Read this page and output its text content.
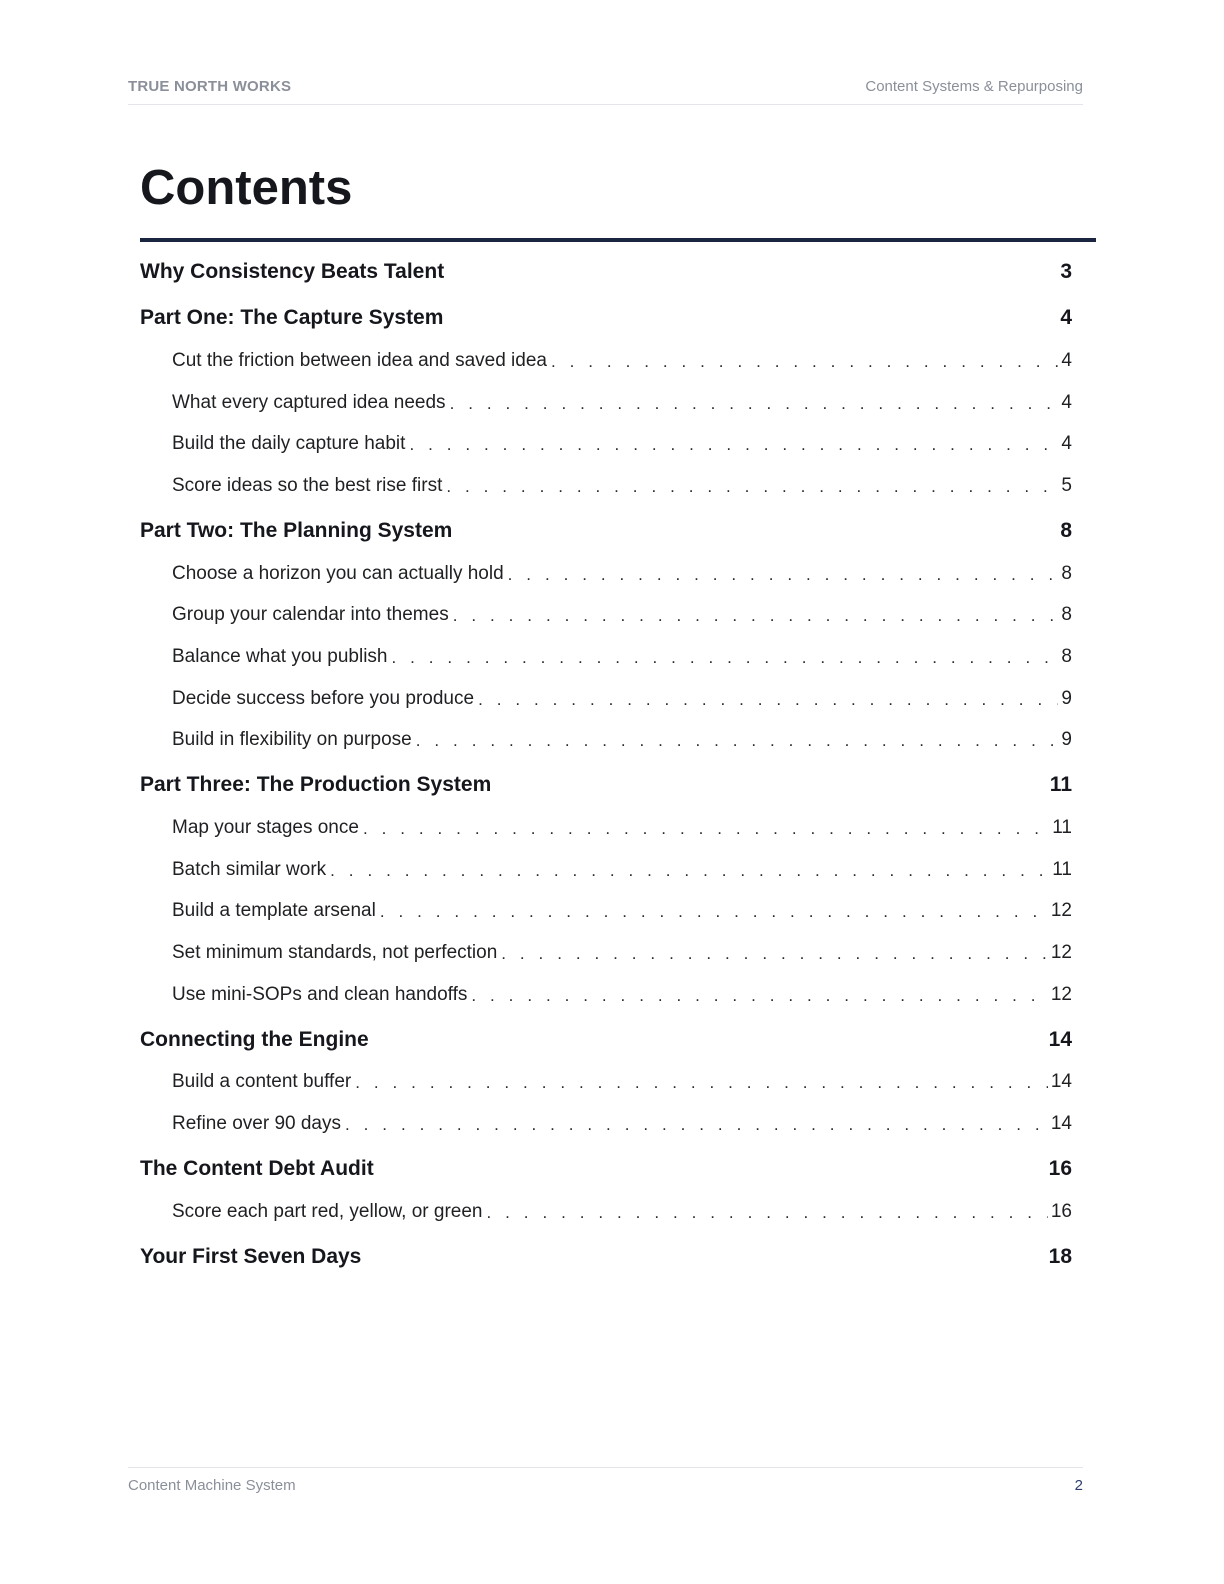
TRUE NORTH WORKS	Content Systems & Repurposing
Contents
Why Consistency Beats Talent	3
Part One: The Capture System	4
Cut the friction between idea and saved idea . . .	4
What every captured idea needs . . .	4
Build the daily capture habit . . .	4
Score ideas so the best rise first . . .	5
Part Two: The Planning System	8
Choose a horizon you can actually hold . . .	8
Group your calendar into themes . . .	8
Balance what you publish . . .	8
Decide success before you produce . . .	9
Build in flexibility on purpose . . .	9
Part Three: The Production System	11
Map your stages once . . .	11
Batch similar work . . .	11
Build a template arsenal . . .	12
Set minimum standards, not perfection . . .	12
Use mini-SOPs and clean handoffs . . .	12
Connecting the Engine	14
Build a content buffer . . .	14
Refine over 90 days . . .	14
The Content Debt Audit	16
Score each part red, yellow, or green . . .	16
Your First Seven Days	18
Content Machine System	2
